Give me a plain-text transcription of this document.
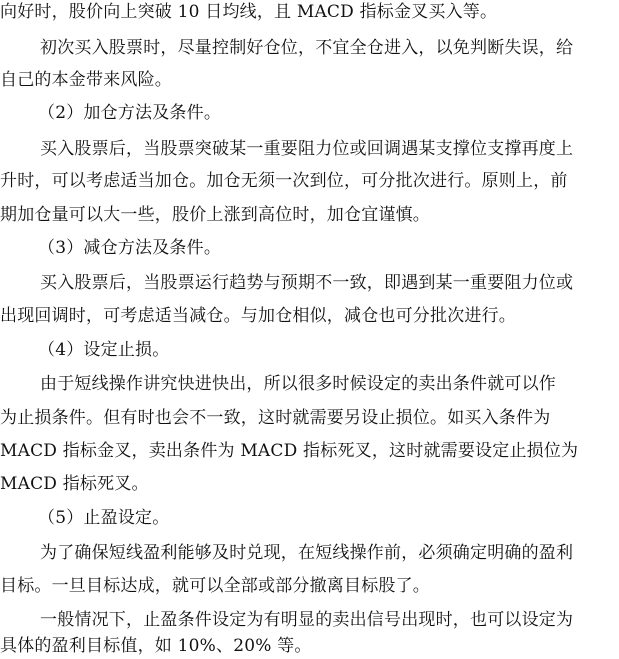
向好时，股价向上突破 10 日均线，且 MACD 指标金叉买入等。
初次买入股票时，尽量控制好仓位，不宜全仓进入，以免判断失误，给
自己的本金带来风险。
（2）加仓方法及条件。
买入股票后，当股票突破某一重要阻力位或回调遇某支撑位支撑再度上
升时，可以考虑适当加仓。加仓无须一次到位，可分批次进行。原则上，前
期加仓量可以大一些，股价上涨到高位时，加仓宜谨慎。
（3）减仓方法及条件。
买入股票后，当股票运行趋势与预期不一致，即遇到某一重要阻力位或
出现回调时，可考虑适当减仓。与加仓相似，减仓也可分批次进行。
（4）设定止损。
由于短线操作讲究快进快出，所以很多时候设定的卖出条件就可以作
为止损条件。但有时也会不一致，这时就需要另设止损位。如买入条件为
MACD 指标金叉，卖出条件为 MACD 指标死叉，这时就需要设定止损位为
MACD 指标死叉。
（5）止盈设定。
为了确保短线盈利能够及时兑现，在短线操作前，必须确定明确的盈利
目标。一旦目标达成，就可以全部或部分撤离目标股了。
一般情况下，止盈条件设定为有明显的卖出信号出现时，也可以设定为
具体的盈利目标值，如 10%、20% 等。
